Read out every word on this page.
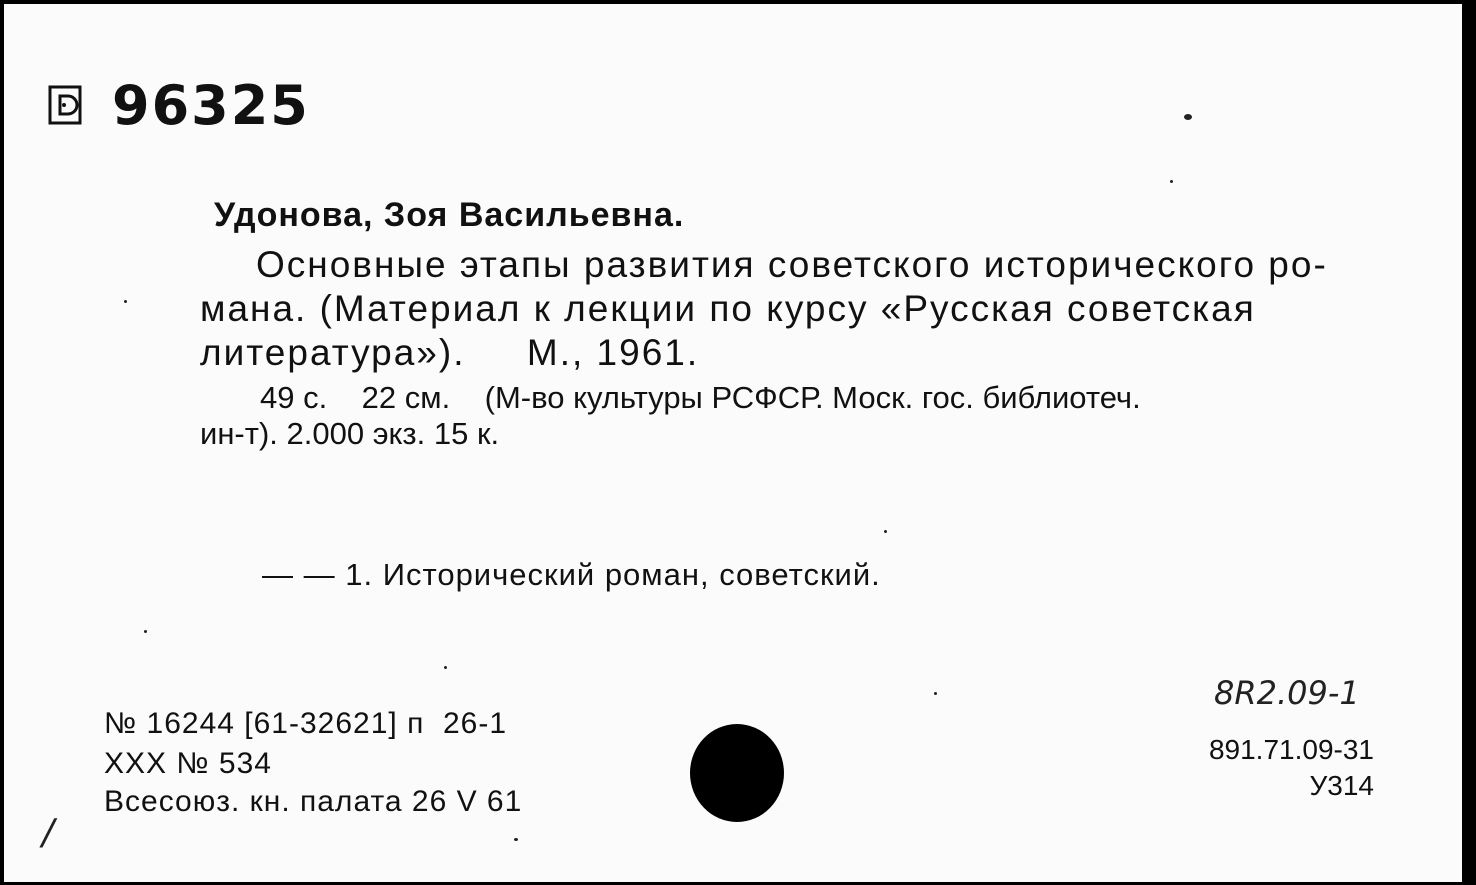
96325
Удонова, Зоя Васильевна.
Основные этапы развития советского исторического ро-
мана. (Материал к лекции по курсу «Русская советская
литература»).     М., 1961.
49 с.    22 см.    (М-во культуры РСФСР. Моск. гос. библиотеч.
ин-т). 2.000 экз. 15 к.
— — 1. Исторический роман, советский.
№ 16244 [61-32621] п  26-1
ХХХ № 534
Всесоюз. кн. палата 26 V 61
8R2.09-1
891.71.09-31
У314
/
